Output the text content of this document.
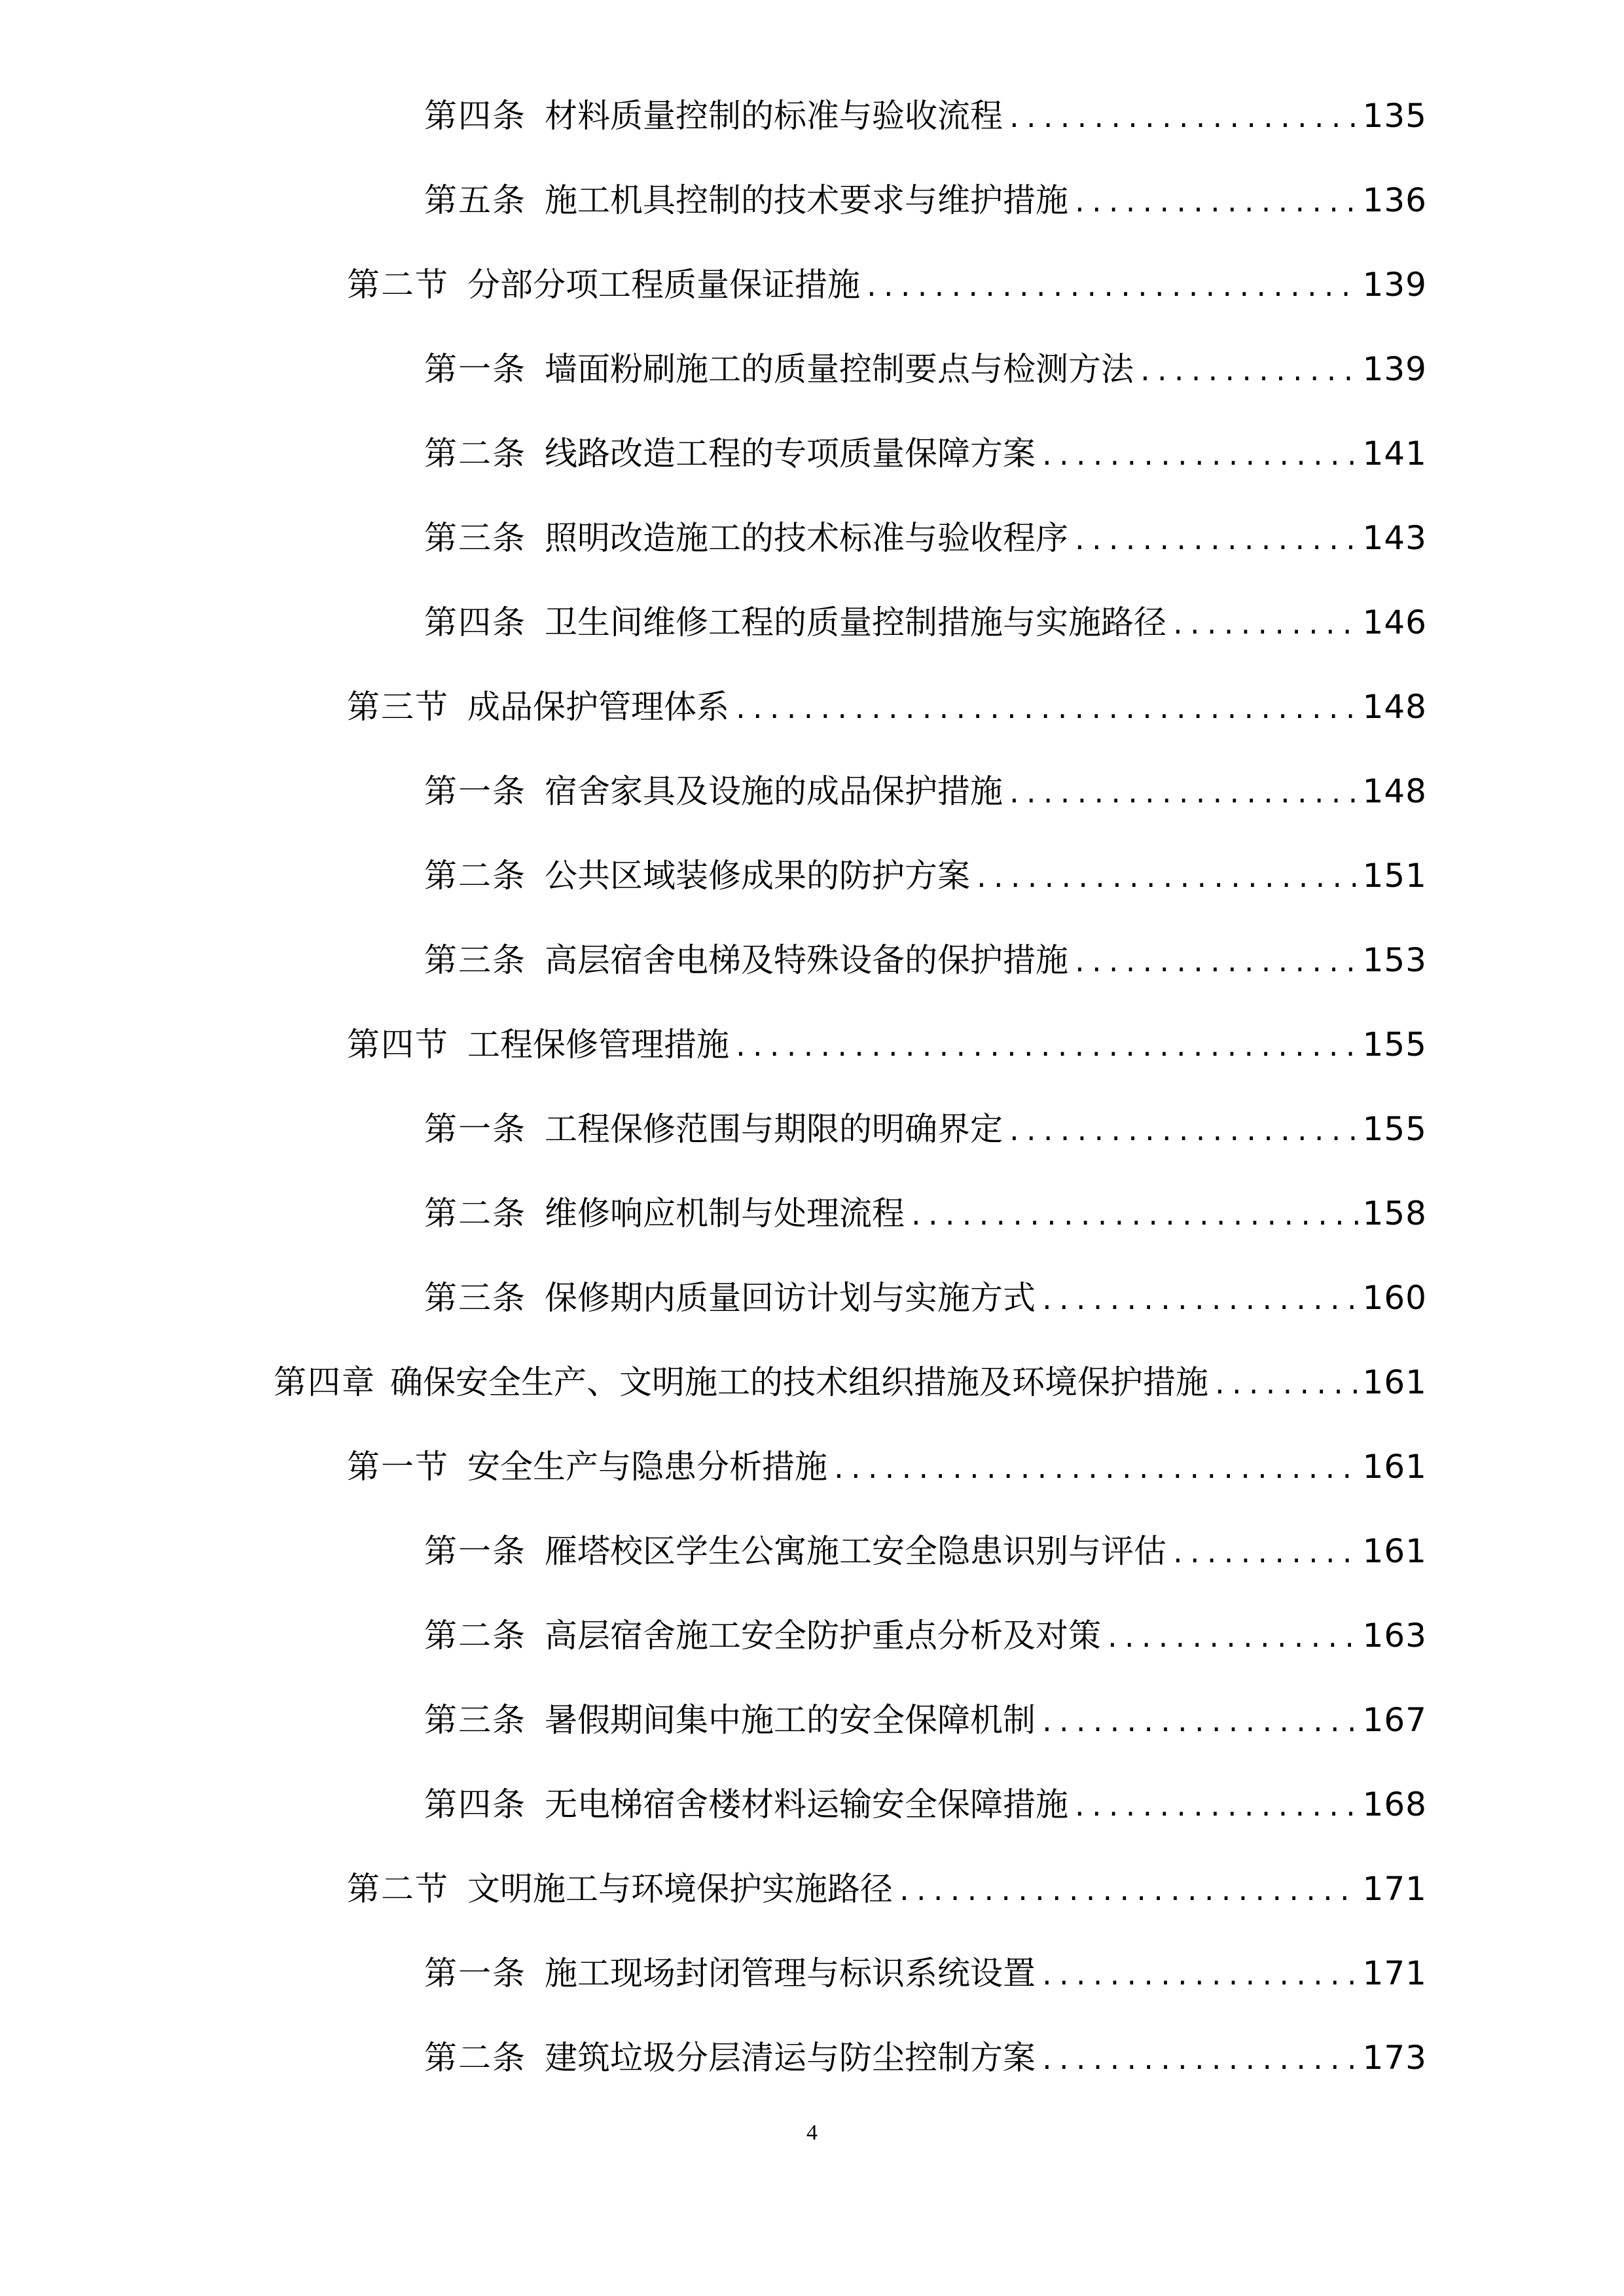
第四条 材料质量控制的标准与验收流程 .....	135
第五条 施工机具控制的技术要求与维护措施 .....	136
第二节 分部分项工程质量保证措施 .....	139
第一条 墙面粉刷施工的质量控制要点与检测方法 .....	139
第二条 线路改造工程的专项质量保障方案 .....	141
第三条 照明改造施工的技术标准与验收程序 .....	143
第四条 卫生间维修工程的质量控制措施与实施路径 .....	146
第三节 成品保护管理体系 .....	148
第一条 宿舍家具及设施的成品保护措施 .....	148
第二条 公共区域装修成果的防护方案 .....	151
第三条 高层宿舍电梯及特殊设备的保护措施 .....	153
第四节 工程保修管理措施 .....	155
第一条 工程保修范围与期限的明确界定 .....	155
第二条 维修响应机制与处理流程 .....	158
第三条 保修期内质量回访计划与实施方式 .....	160
第四章 确保安全生产、文明施工的技术组织措施及环境保护措施 .....	161
第一节 安全生产与隐患分析措施 .....	161
第一条 雁塔校区学生公寓施工安全隐患识别与评估 .....	161
第二条 高层宿舍施工安全防护重点分析及对策 .....	163
第三条 暑假期间集中施工的安全保障机制 .....	167
第四条 无电梯宿舍楼材料运输安全保障措施 .....	168
第二节 文明施工与环境保护实施路径 .....	171
第一条 施工现场封闭管理与标识系统设置 .....	171
第二条 建筑垃圾分层清运与防尘控制方案 .....	173
4
